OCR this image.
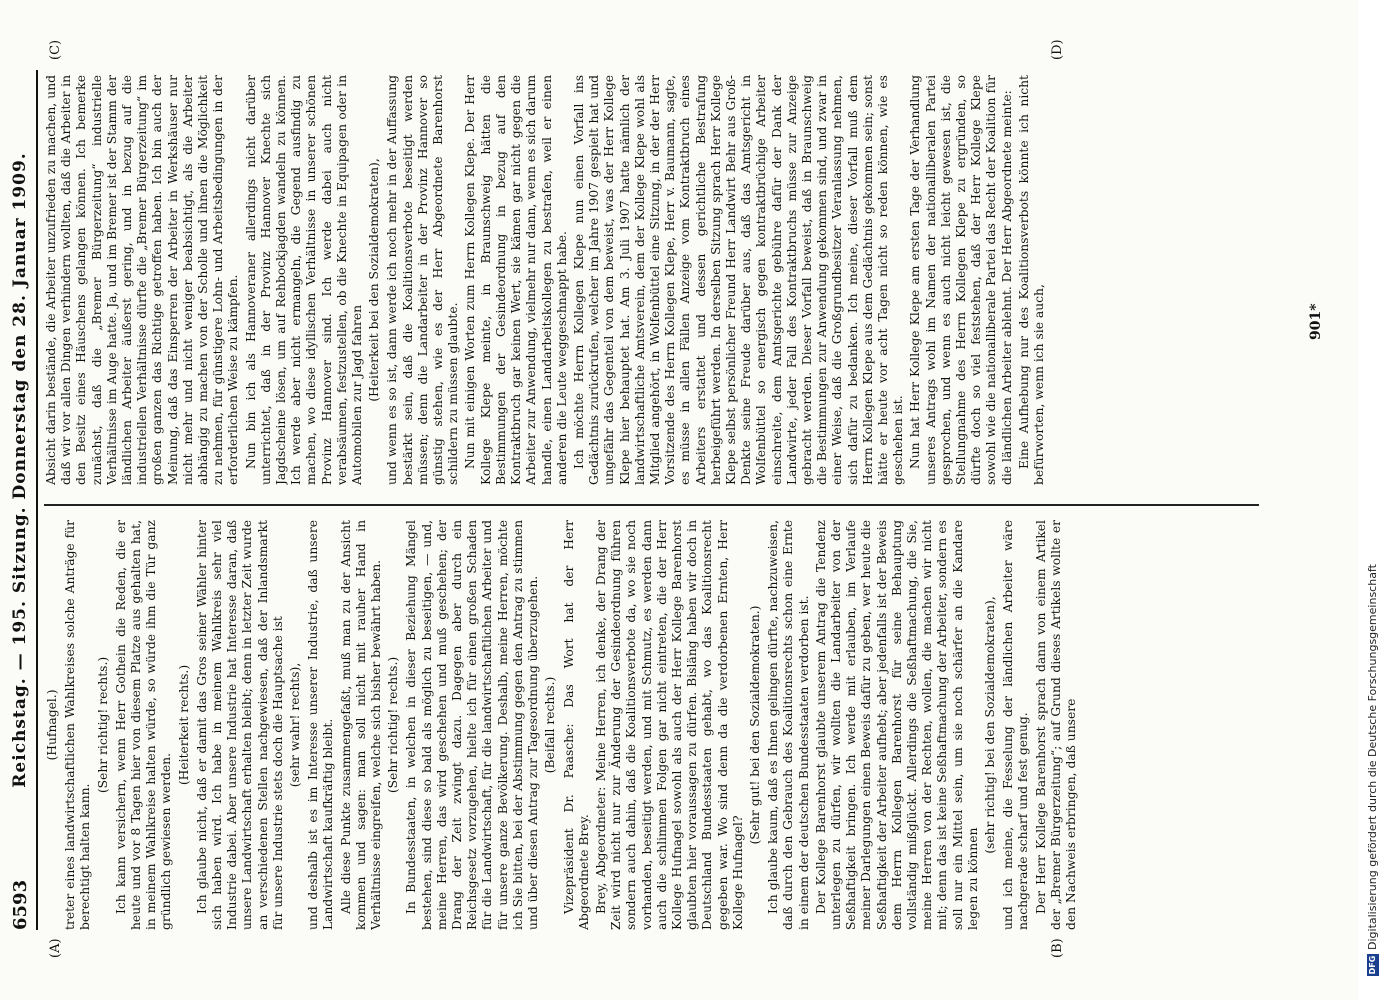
6593
Reichstag. — 195. Sitzung. Donnerstag den 28. Januar 1909. (Hufnagel.) treter eines landwirtschaftlichen Wahlkreises solche Anträge für berechtigt halten kann.

(Sehr richtig! rechts.) Ich kann versichern, wenn Herr Gothein die Reden, die er heute und vor 8 Tagen hier von diesem Platze aus gehalten hat, in meinem Wahlkreise halten würde, so würde ihm die Tür ganz gründlich gewiesen werden.

(Heiterkeit rechts.) Ich glaube nicht, daß er damit das Gros seiner Wähler hinter sich haben wird. Ich habe in meinem Wahlkreis sehr viel Industrie dabei. Aber unsere Industrie hat Interesse daran, daß unsere Landwirtschaft erhalten bleibt; denn in letzter Zeit wurde an verschiedenen Stellen nachgewiesen, daß der Inlandsmarkt für unsere Industrie stets doch die Hauptsache ist (sehr wahr! rechts), und deshalb ist es im Interesse unserer Industrie, daß unsere Landwirtschaft kaufkräftig bleibt. Alle diese Punkte zusammengefaßt, muß man zu der Ansicht kommen und sagen: man soll nicht mit rauher Hand in Verhältnisse eingreifen, welche sich bisher bewährt haben. (Sehr richtig! rechts.) In Bundesstaaten, in welchen in dieser Beziehung Mängel bestehen, sind diese so bald als möglich zu beseitigen, — und, meine Herren, das wird geschehen und muß geschehen; der Drang der Zeit zwingt dazu. Dagegen aber durch ein Reichsgesetz vorzugehen, hielte ich für einen großen Schaden für die Landwirtschaft, für die landwirtschaftlichen Arbeiter und für unsere ganze Bevölkerung. Deshalb, meine Herren, möchte ich Sie bitten, bei der Abstimmung gegen den Antrag zu stimmen und über diesen Antrag zur Tagesordnung überzugehen. (Beifall rechts.) Vizepräsident Dr. Paasche: Das Wort hat der Herr Abgeordnete Brey. Brey, Abgeordneter: Meine Herren, ich denke, der Drang der Zeit wird nicht nur zur Änderung der Gesindeordnung führen sondern auch dahin, daß die Koalitionsverbote da, wo sie noch vorhanden, beseitigt werden, und mit Schmutz, es werden dann auch die schlimmen Folgen gar nicht eintreten, die der Herr Kollege Hufnagel sowohl als auch der Herr Kollege Barenhorst glaubten hier voraussagen zu dürfen. Bisläng haben wir doch in Deutschland Bundesstaaten gehabt, wo das Koalitionsrecht gegeben war. Wo sind denn da die verdorbenen Ernten, Herr Kollege Hufnagel?

(Sehr gut! bei den Sozialdemokraten.) Ich glaube kaum, daß es Ihnen gelingen dürfte, nachzuweisen, daß durch den Gebrauch des Koalitionsrechts schon eine Ernte in einem der deutschen Bundesstaaten verdorben ist. Der Kollege Barenhorst glaubte unserem Antrag die Tendenz unterlegen zu dürfen, wir wollten die Landarbeiter von der Seßhaftigkeit bringen. Ich werde mit erlauben, im Verlaufe meiner Darlegungen einen Beweis dafür zu geben, wer heute die Seßhaftigkeit der Arbeiter aufhebt; aber jedenfalls ist der Beweis dem Herrn Kollegen Barenhorst für seine Behauptung vollständig mißglückt. Allerdings die Seßhaftmachung, die Sie, meine Herren von der Rechten, wollen, die machen wir nicht mit; denn das ist keine Seßhaftmachung der Arbeiter, sondern es soll nur ein Mittel sein, um sie noch schärfer an die Kandare legen zu können

(sehr richtig! bei den Sozialdemokraten), und ich meine, die Fesselung der ländlichen Arbeiter wäre nachgerade scharf und fest genug. Der Herr Kollege Barenhorst sprach dann von einem Artikel der „Bremer Bürgerzeitung“; auf Grund dieses Artikels wollte er den Nachweis erbringen, daß unsere

Absicht darin bestände, die Arbeiter unzufrieden zu machen, und daß wir vor allen Dingen verhindern wollten, daß die Arbeiter in den Besitz eines Häuschens gelangen können. Ich bemerke zunächst, daß die „Bremer Bürgerzeitung“ industrielle Verhältnisse im Auge hatte. Ja, und im Bremer ist der Stamm der ländlichen Arbeiter äußerst gering, und in bezug auf die industriellen Verhältnisse dürfte die „Bremer Bürgerzeitung“ im großen ganzen das Richtige getroffen haben. Ich bin auch der Meinung, daß das Einsperren der Arbeiter in Werkshäuser nur nicht mehr und nicht weniger beabsichtigt, als die Arbeiter abhängig zu machen von der Scholle und ihnen die Möglichkeit zu nehmen, für günstigere Lohn- und Arbeitsbedingungen in der erforderlichen Weise zu kämpfen. Nun bin ich als Hannoveraner allerdings nicht darüber unterrichtet, daß in der Provinz Hannover Knechte sich Jagdscheine lösen, um auf Rehbockjagden wandeln zu können. Ich werde aber nicht ermangeln, die Gegend ausfindig zu machen, wo diese idyllischen Verhältnisse in unserer schönen Provinz Hannover sind. Ich werde dabei auch nicht verabsäumen, festzustellen, ob die Knechte in Equipagen oder in Automobilen zur Jagd fahren (Heiterkeit bei den Sozialdemokraten), und wenn es so ist, dann werde ich noch mehr in der Auffassung bestärkt sein, daß die Koalitionsverbote beseitigt werden müssen; denn die Landarbeiter in der Provinz Hannover so günstig stehen, wie es der Herr Abgeordnete Barenhorst schildern zu müssen glaubte. Nun mit einigen Worten zum Herrn Kollegen Klepe. Der Herr Kollege Klepe meinte, in Braunschweig hätten die Bestimmungen der Gesindeordnung in bezug auf den Kontraktbruch gar keinen Wert, sie kämen gar nicht gegen die Arbeiter zur Anwendung, vielmehr nur dann, wenn es sich darum handle, einen Landarbeitskollegen zu bestrafen, weil er einen anderen die Leute weggeschnappt habe. Ich möchte Herrn Kollegen Klepe nun einen Vorfall ins Gedächtnis zurückrufen, welcher im Jahre 1907 gespielt hat und ungefähr das Gegenteil von dem beweist, was der Herr Kollege Klepe hier behauptet hat. Am 3. Juli 1907 hatte nämlich der landwirtschaftliche Amtsverein, dem der Kollege Klepe wohl als Mitglied angehört, in Wolfenbüttel eine Sitzung, in der der Herr Vorsitzende des Herrn Kollegen Klepe, Herr v. Baumann, sagte, es müsse in allen Fällen Anzeige vom Kontraktbruch eines Arbeiters erstattet und dessen gerichtliche Bestrafung herbeigeführt werden. In derselben Sitzung sprach Herr Kollege Klepe selbst persönlicher Freund Herr Landwirt Behr aus Groß-Denkte seine Freude darüber aus, daß das Amtsgericht in Wolfenbüttel so energisch gegen kontraktbrüchige Arbeiter einschreite, dem Amtsgerichte gebühre dafür der Dank der Landwirte, jeder Fall des Kontraktbruchs müsse zur Anzeige gebracht werden. Dieser Vorfall beweist, daß in Braunschweig die Bestimmungen zur Anwendung gekommen sind, und zwar in einer Weise, daß die Großgrundbesitzer Veranlassung nehmen, sich dafür zu bedanken. Ich meine, dieser Vorfall muß dem Herrn Kollegen Klepe aus dem Gedächtnis gekommen sein; sonst hätte er heute vor acht Tagen nicht so reden können, wie es geschehen ist. Nun hat Herr Kollege Klepe am ersten Tage der Verhandlung unseres Antrags wohl im Namen der nationalliberalen Partei gesprochen, und wenn es auch nicht leicht gewesen ist, die Stellungnahme des Herrn Kollegen Klepe zu ergründen, so dürfte doch so viel feststehen, daß der Herr Kollege Klepe sowohl wie die nationalliberale Partei das Recht der Koalition für die ländlichen Arbeiter ablehnt. Der Herr Abgeordnete meinte: Eine Aufhebung nur des Koalitionsverbots könnte ich nicht befürworten, wenn ich sie auch,

(A)	(B)
(C)	(D)
901*
DFG
Digitalisierung gefördert durch die Deutsche Forschungsgemeinschaft
